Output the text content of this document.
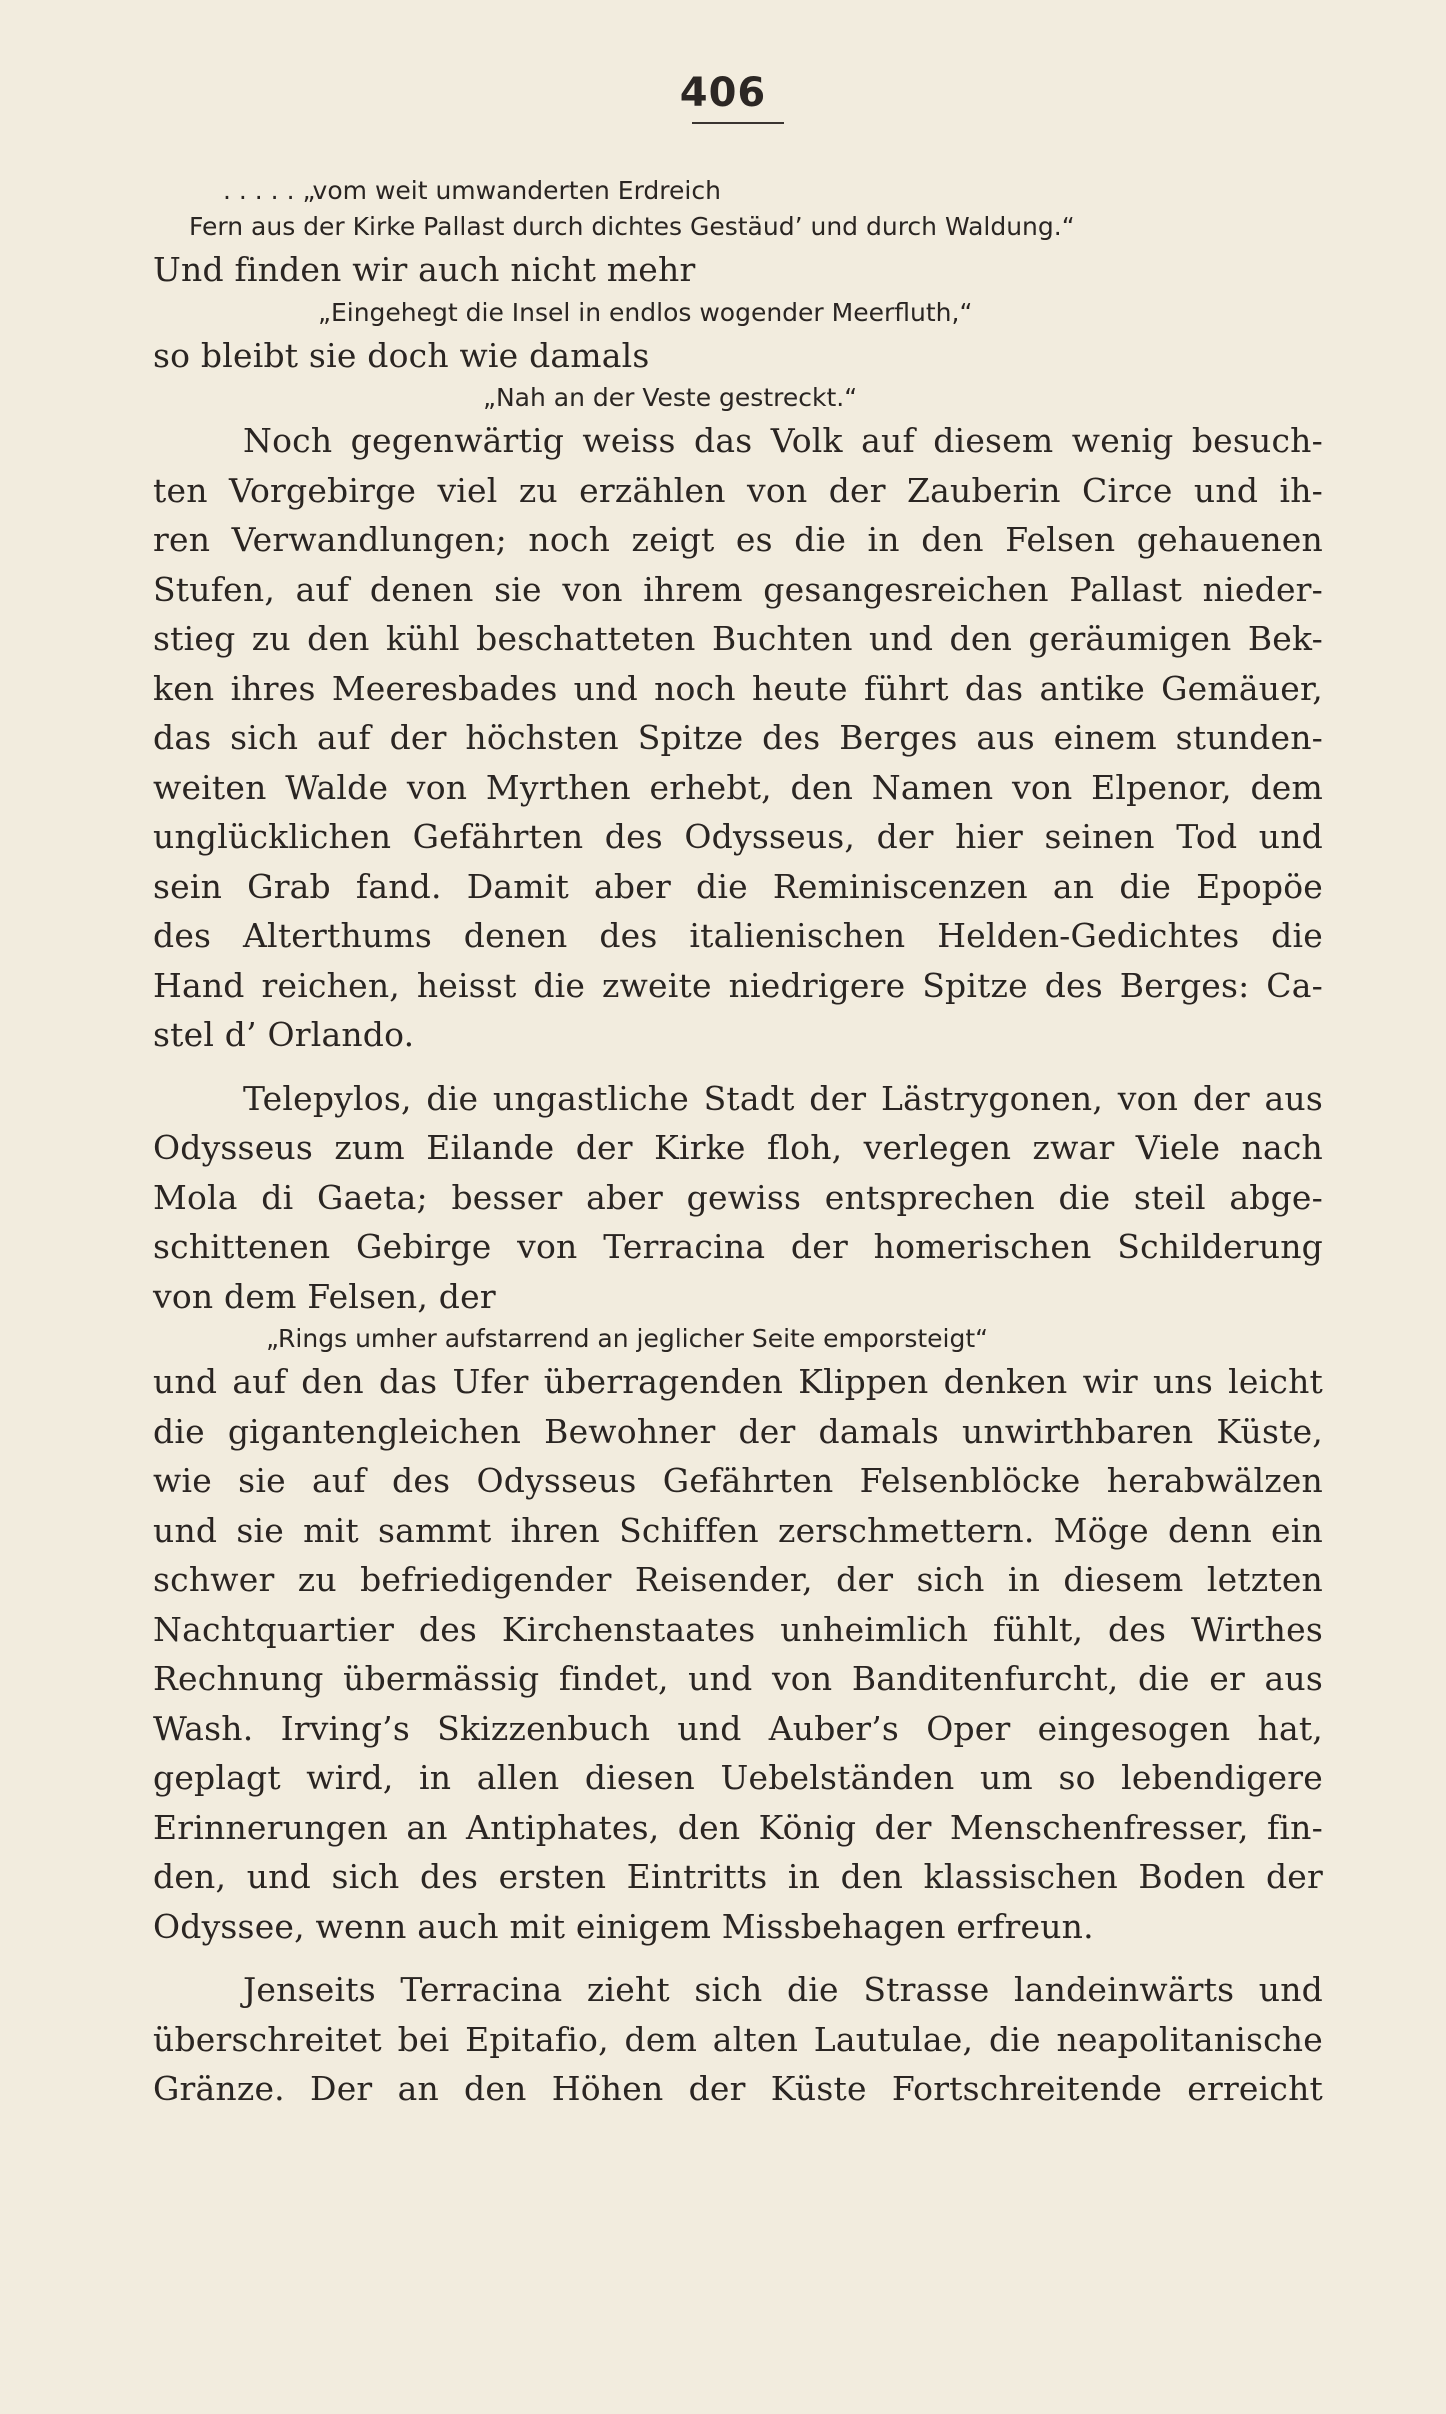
406
. . . . . „vom weit umwanderten Erdreich
Fern aus der Kirke Pallast durch dichtes Gestäud’ und durch Waldung.“
Und finden wir auch nicht mehr
„Eingehegt die Insel in endlos wogender Meerfluth,“
so bleibt sie doch wie damals
„Nah an der Veste gestreckt.“
Noch gegenwärtig weiss das Volk auf diesem wenig besuch-
ten Vorgebirge viel zu erzählen von der Zauberin Circe und ih-
ren Verwandlungen; noch zeigt es die in den Felsen gehauenen
Stufen, auf denen sie von ihrem gesangesreichen Pallast nieder-
stieg zu den kühl beschatteten Buchten und den geräumigen Bek-
ken ihres Meeresbades und noch heute führt das antike Gemäuer,
das sich auf der höchsten Spitze des Berges aus einem stunden-
weiten Walde von Myrthen erhebt, den Namen von Elpenor, dem
unglücklichen Gefährten des Odysseus, der hier seinen Tod und
sein Grab fand. Damit aber die Reminiscenzen an die Epopöe
des Alterthums denen des italienischen Helden-Gedichtes die
Hand reichen, heisst die zweite niedrigere Spitze des Berges: Ca-
stel d’ Orlando.
Telepylos, die ungastliche Stadt der Lästrygonen, von der aus
Odysseus zum Eilande der Kirke floh, verlegen zwar Viele nach
Mola di Gaeta; besser aber gewiss entsprechen die steil abge-
schittenen Gebirge von Terracina der homerischen Schilderung
von dem Felsen, der
„Rings umher aufstarrend an jeglicher Seite emporsteigt“
und auf den das Ufer überragenden Klippen denken wir uns leicht
die gigantengleichen Bewohner der damals unwirthbaren Küste,
wie sie auf des Odysseus Gefährten Felsenblöcke herabwälzen
und sie mit sammt ihren Schiffen zerschmettern. Möge denn ein
schwer zu befriedigender Reisender, der sich in diesem letzten
Nachtquartier des Kirchenstaates unheimlich fühlt, des Wirthes
Rechnung übermässig findet, und von Banditenfurcht, die er aus
Wash. Irving’s Skizzenbuch und Auber’s Oper eingesogen hat,
geplagt wird, in allen diesen Uebelständen um so lebendigere
Erinnerungen an Antiphates, den König der Menschenfresser, fin-
den, und sich des ersten Eintritts in den klassischen Boden der
Odyssee, wenn auch mit einigem Missbehagen erfreun.
Jenseits Terracina zieht sich die Strasse landeinwärts und
überschreitet bei Epitafio, dem alten Lautulae, die neapolitanische
Gränze. Der an den Höhen der Küste Fortschreitende erreicht
